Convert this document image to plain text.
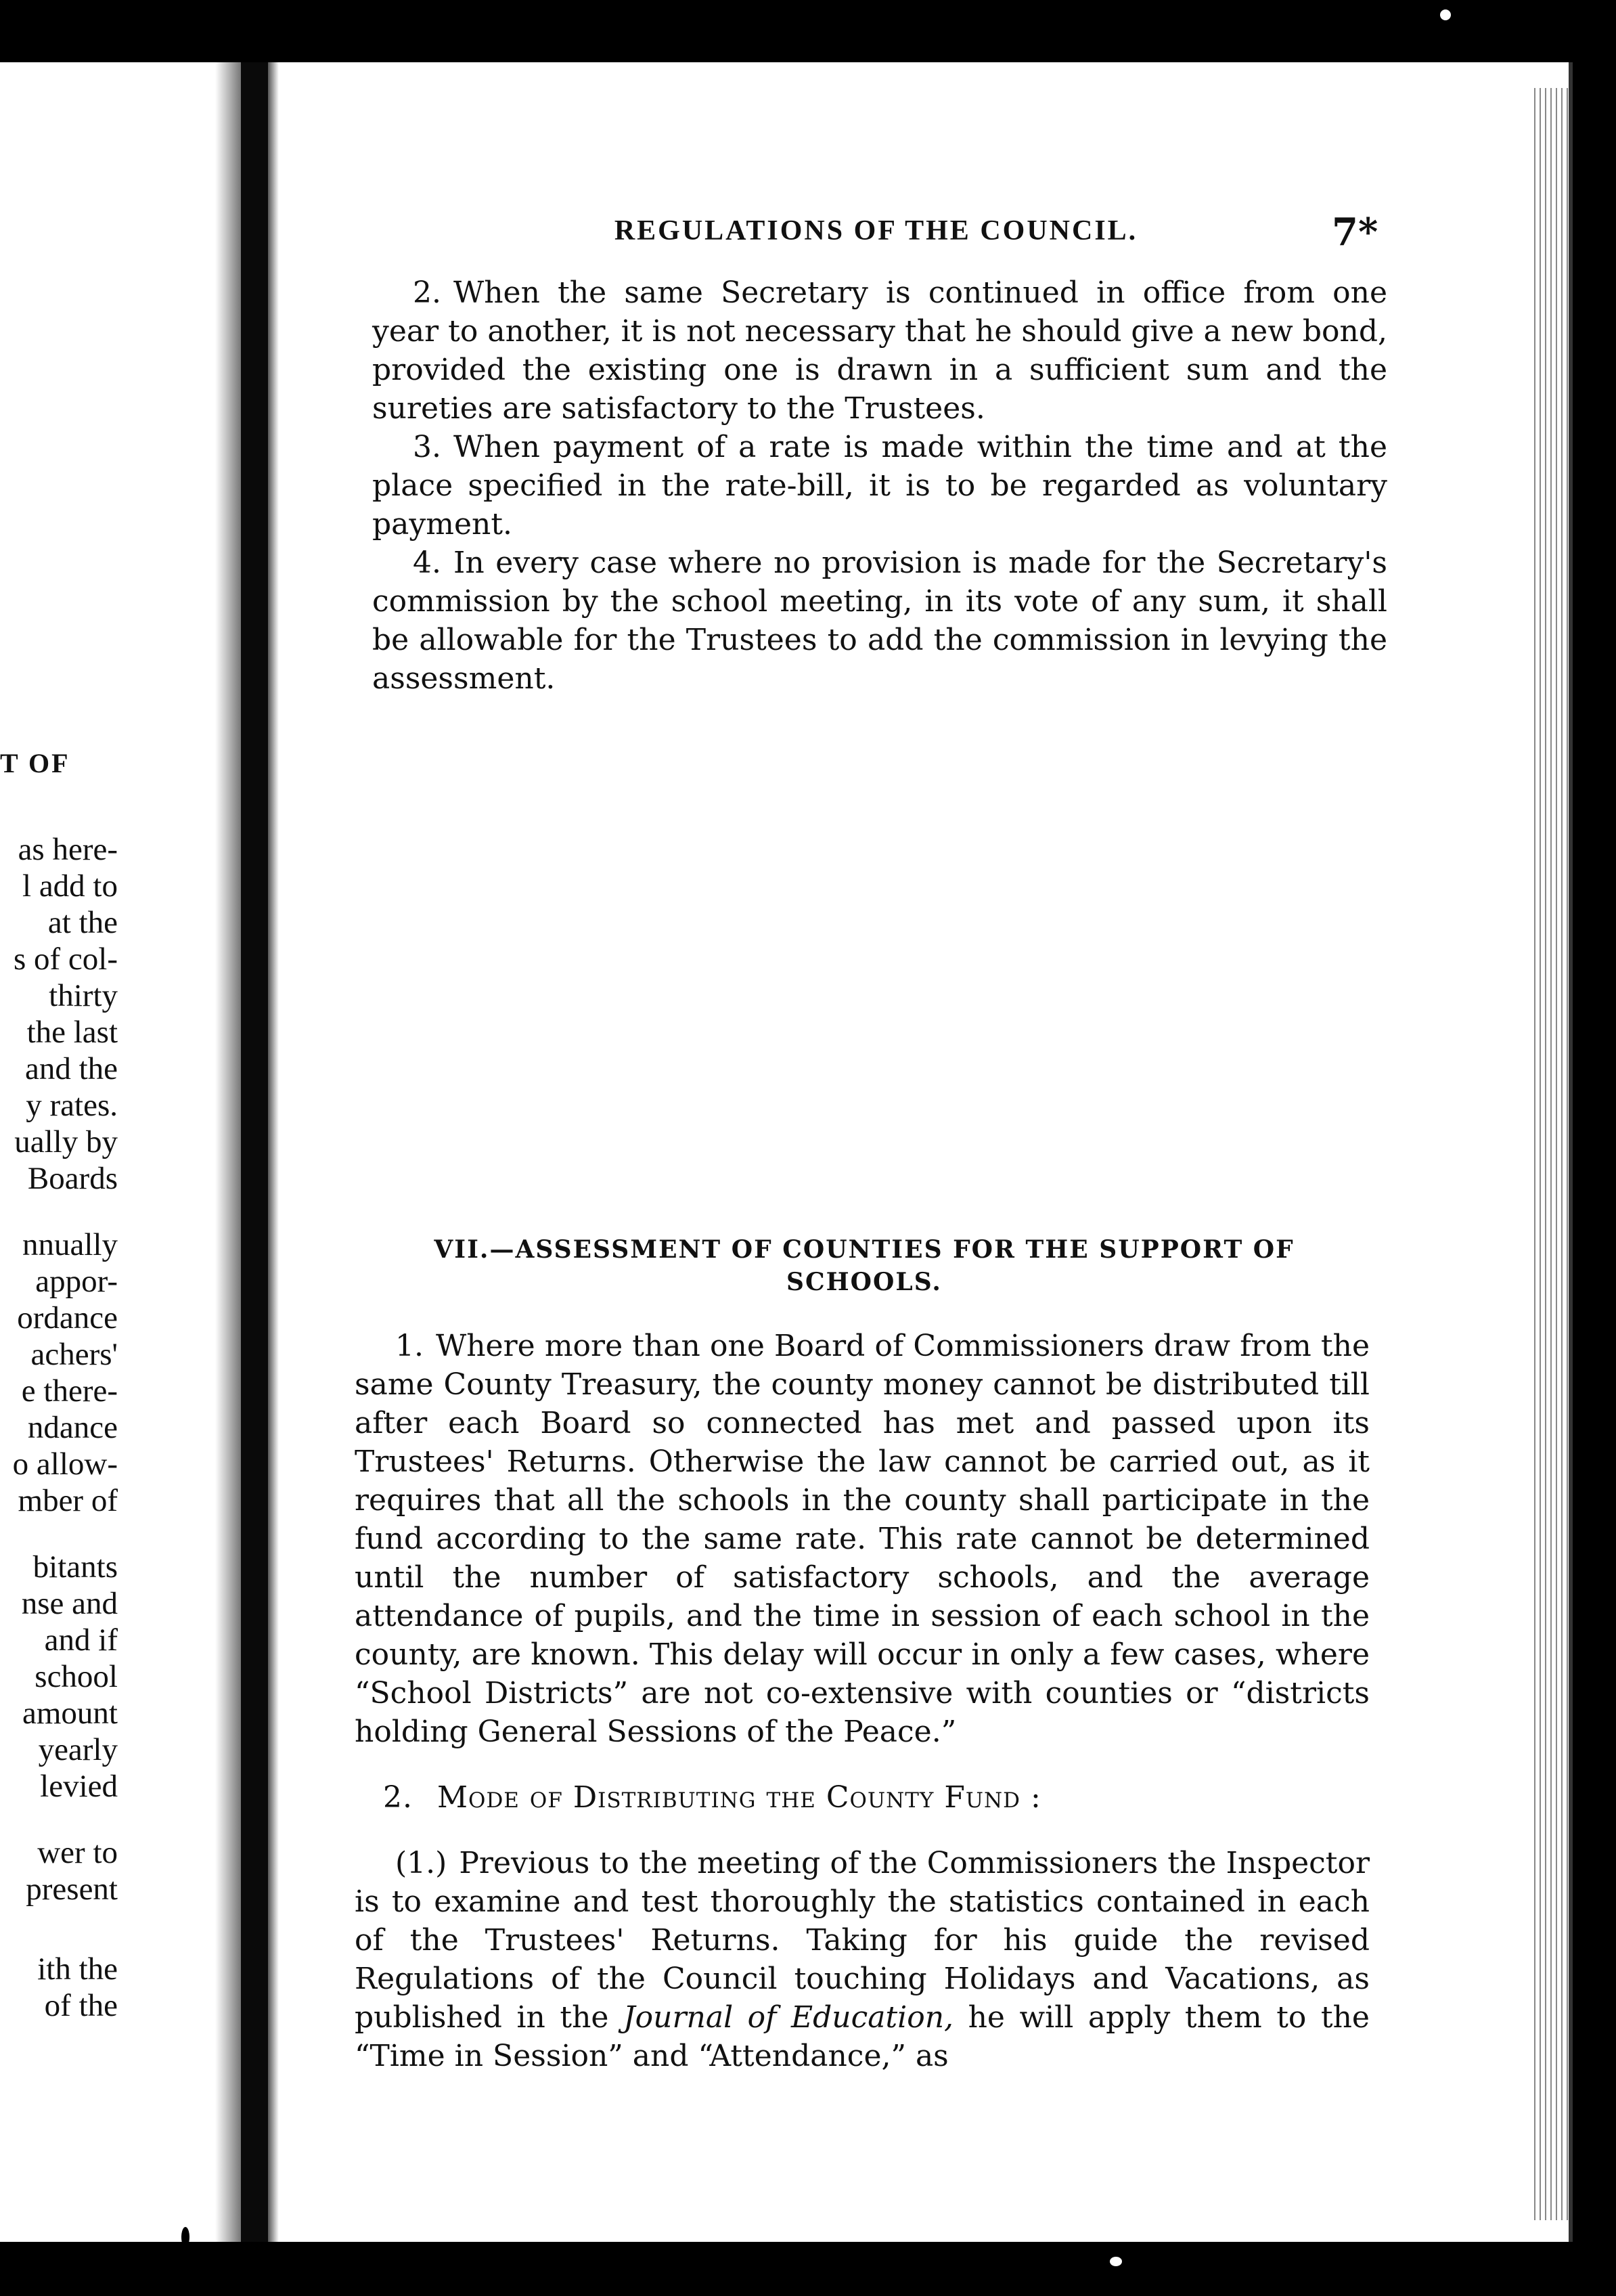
T OF
as here-
l add to
at the
s of col-
thirty
the last
and the
y rates.
ually by
Boards
nnually
appor-
ordance
achers'
e there-
ndance
o allow-
mber of
bitants
nse and
and if
school
amount
yearly
levied
wer to
present
ith the
of the
REGULATIONS OF THE COUNCIL.	7*

2. When the same Secretary is continued in office from one year to another, it is not necessary that he should give a new bond, provided the existing one is drawn in a sufficient sum and the sureties are satisfactory to the Trustees.

3. When payment of a rate is made within the time and at the place specified in the rate-bill, it is to be regarded as voluntary payment.

4. In every case where no provision is made for the Secretary's commission by the school meeting, in its vote of any sum, it shall be allowable for the Trustees to add the commission in levying the assessment.

VII.—ASSESSMENT OF COUNTIES FOR THE SUPPORT OF
SCHOOLS.

1. Where more than one Board of Commissioners draw from the same County Treasury, the county money cannot be distributed till after each Board so connected has met and passed upon its Trustees' Returns. Otherwise the law cannot be carried out, as it requires that all the schools in the county shall participate in the fund according to the same rate. This rate cannot be determined until the number of satisfactory schools, and the average attendance of pupils, and the time in session of each school in the county, are known. This delay will occur in only a few cases, where “School Districts” are not co-extensive with counties or “districts holding General Sessions of the Peace.”

2. Mode of Distributing the County Fund :

(1.) Previous to the meeting of the Commissioners the Inspector is to examine and test thoroughly the statistics contained in each of the Trustees' Returns. Taking for his guide the revised Regulations of the Council touching Holidays and Vacations, as published in the Journal of Education, he will apply them to the “Time in Session” and “Attendance,” as
